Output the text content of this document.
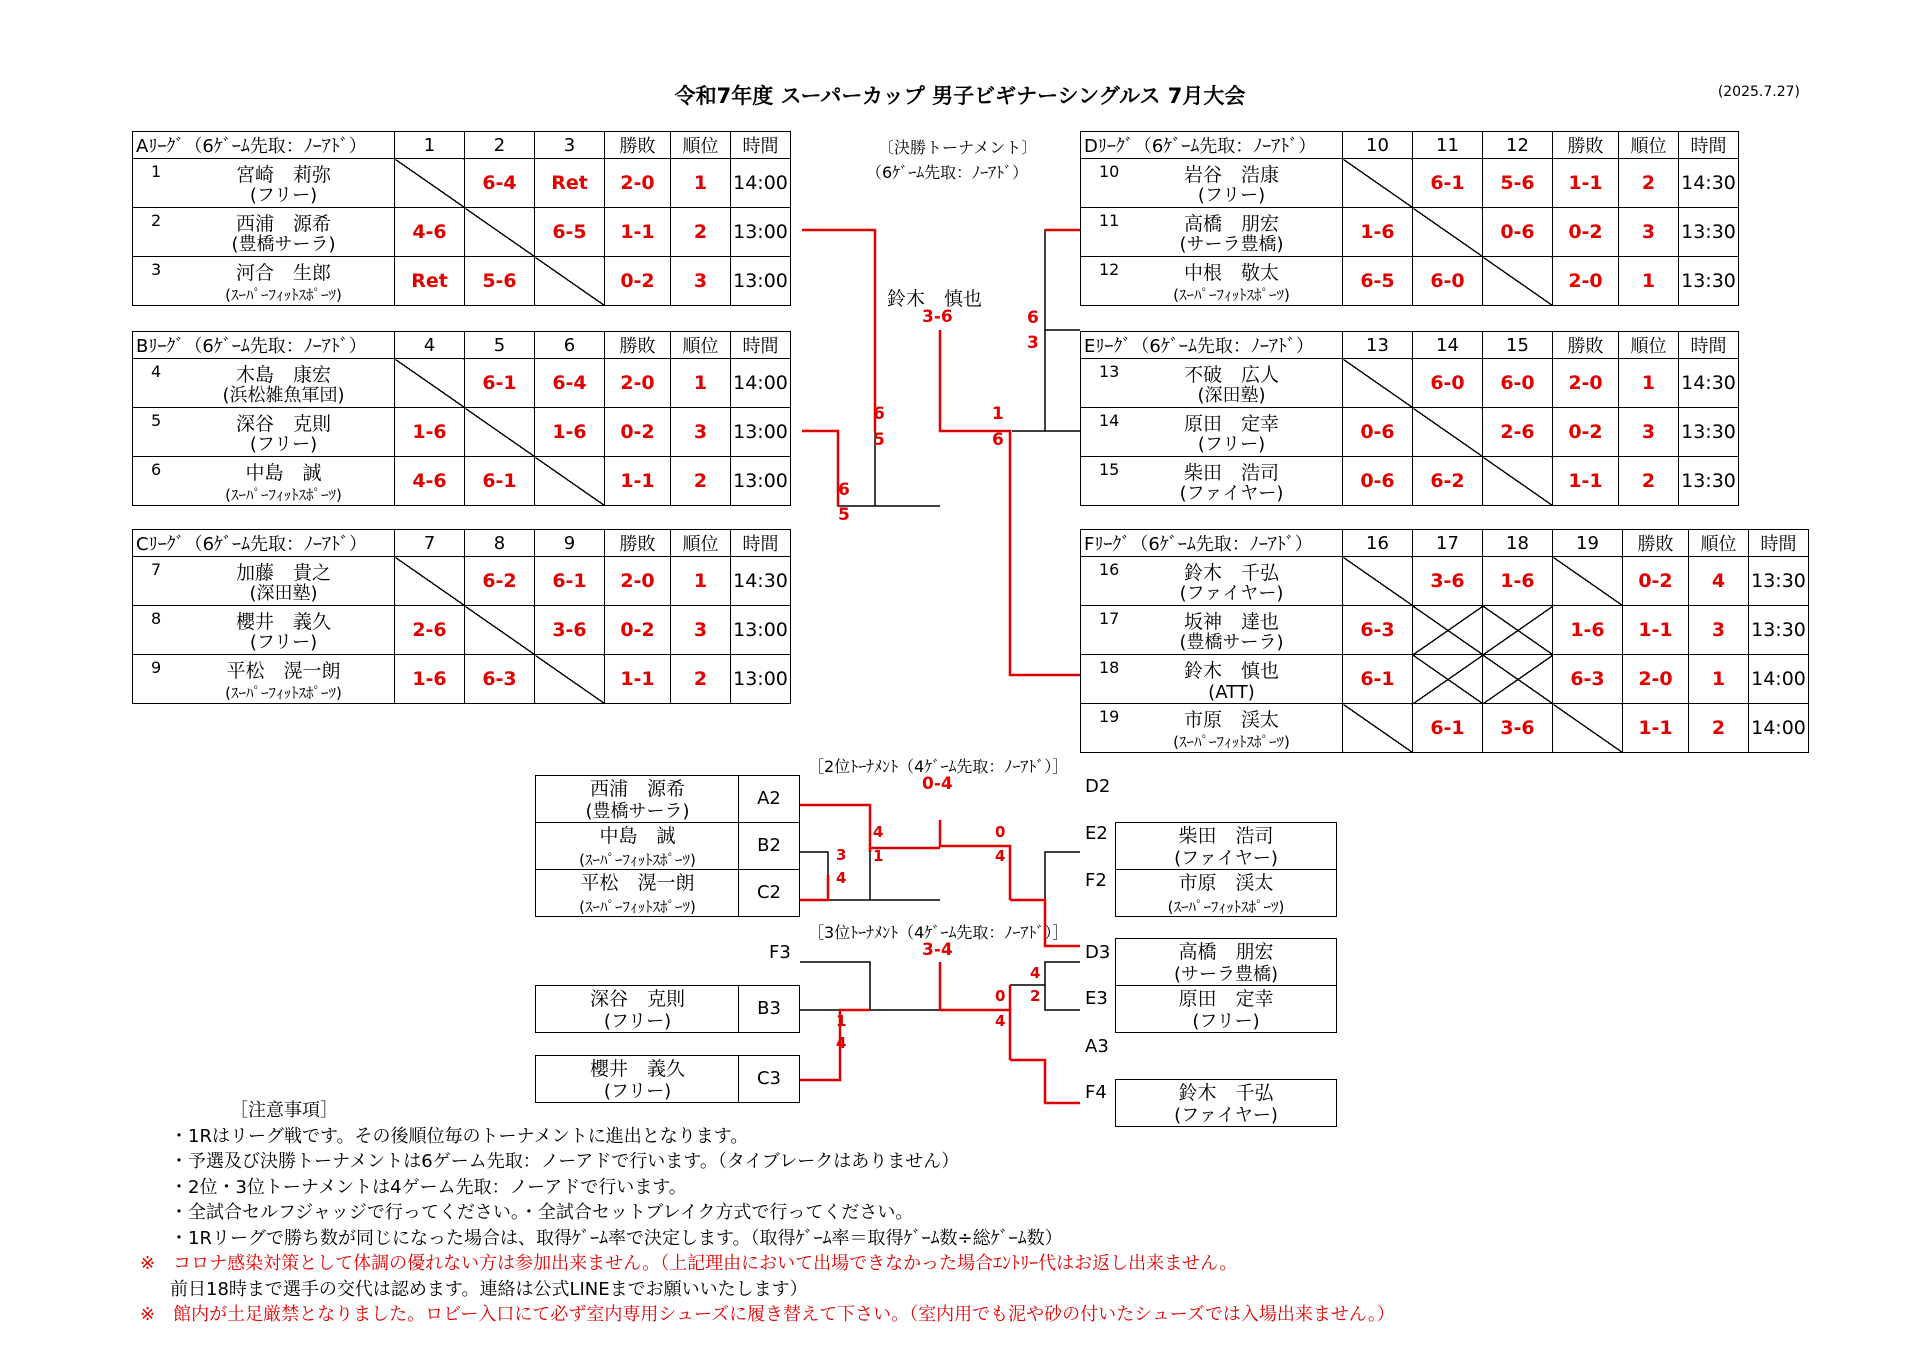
令和7年度 スーパーカップ 男子ビギナーシングルス 7月大会	(2025.7.27)
Aﾘｰｸﾞ（6ｹﾞｰﾑ先取：ﾉｰｱﾄﾞ）	1	2	3	勝敗	順位	時間

1 宮崎　莉弥
(フリー)		6-4	Ret	2-0	1	14:00

2 西浦　源希
(豊橋サーラ)	4-6		6-5	1-1	2	13:00

3 河合　生郎
(ｽｰﾊﾟｰﾌｨｯﾄｽﾎﾟｰﾂ)	Ret	5-6		0-2	3	13:00
Bﾘｰｸﾞ（6ｹﾞｰﾑ先取：ﾉｰｱﾄﾞ）	4	5	6	勝敗	順位	時間

4 木島　康宏
(浜松雑魚軍団)		6-1	6-4	2-0	1	14:00

5 深谷　克則
(フリー)	1-6		1-6	0-2	3	13:00

6 中島　誠
(ｽｰﾊﾟｰﾌｨｯﾄｽﾎﾟｰﾂ)	4-6	6-1		1-1	2	13:00
Cﾘｰｸﾞ（6ｹﾞｰﾑ先取：ﾉｰｱﾄﾞ）	7	8	9	勝敗	順位	時間

7 加藤　貴之
(深田塾)		6-2	6-1	2-0	1	14:30

8 櫻井　義久
(フリー)	2-6		3-6	0-2	3	13:00

9 平松　滉一朗
(ｽｰﾊﾟｰﾌｨｯﾄｽﾎﾟｰﾂ)	1-6	6-3		1-1	2	13:00
Dﾘｰｸﾞ（6ｹﾞｰﾑ先取：ﾉｰｱﾄﾞ）	10	11	12	勝敗	順位	時間

10 岩谷　浩康
(フリー)		6-1	5-6	1-1	2	14:30

11 高橋　朋宏
(サーラ豊橋)	1-6		0-6	0-2	3	13:30

12 中根　敬太
(ｽｰﾊﾟｰﾌｨｯﾄｽﾎﾟｰﾂ)	6-5	6-0		2-0	1	13:30
Eﾘｰｸﾞ（6ｹﾞｰﾑ先取：ﾉｰｱﾄﾞ）	13	14	15	勝敗	順位	時間

13 不破　広人
(深田塾)		6-0	6-0	2-0	1	14:30

14 原田　定幸
(フリー)	0-6		2-6	0-2	3	13:30

15 柴田　浩司
(ファイヤー)	0-6	6-2		1-1	2	13:30
Fﾘｰｸﾞ（6ｹﾞｰﾑ先取：ﾉｰｱﾄﾞ）	16	17	18	19	勝敗	順位	時間

16 鈴木　千弘
(ファイヤー)		3-6	1-6		0-2	4	13:30

17 坂神　達也
(豊橋サーラ)	6-3			1-6	1-1	3	13:30

18 鈴木　慎也
(ATT)	6-1			6-3	2-0	1	14:00

19 市原　渓太
(ｽｰﾊﾟｰﾌｨｯﾄｽﾎﾟｰﾂ)		6-1	3-6		1-1	2	14:00
〔決勝トーナメント〕
（6ｹﾞｰﾑ先取：ﾉｰｱﾄﾞ）
鈴木　慎也
3-6
6
5
6
5
1
6
6
3
［2位ﾄｰﾅﾒﾝﾄ（4ｹﾞｰﾑ先取：ﾉｰｱﾄﾞ）］
0-4
西浦　源希
(豊橋サーラ)
A2
中島　誠
(ｽｰﾊﾟｰﾌｨｯﾄｽﾎﾟｰﾂ)
B2
平松　滉一朗
(ｽｰﾊﾟｰﾌｨｯﾄｽﾎﾟｰﾂ)
C2
3
4
4
1
0
4
D2
E2
F2
柴田　浩司
(ファイヤー)
市原　渓太
(ｽｰﾊﾟｰﾌｨｯﾄｽﾎﾟｰﾂ)
［3位ﾄｰﾅﾒﾝﾄ（4ｹﾞｰﾑ先取：ﾉｰｱﾄﾞ）］
3-4
F3
深谷　克則
(フリー)
B3
櫻井　義久
(フリー)
C3
1
4
0
4
4
2
D3
E3
A3
F4
高橋　朋宏
(サーラ豊橋)
原田　定幸
(フリー)
鈴木　千弘
(ファイヤー)
［注意事項］
・1Rはリーグ戦です。その後順位毎のトーナメントに進出となります。
・予選及び決勝トーナメントは6ゲーム先取：ノーアドで行います。（タイブレークはありません）
・2位・3位トーナメントは4ゲーム先取：ノーアドで行います。
・全試合セルフジャッジで行ってください。・全試合セットブレイク方式で行ってください。
・1Rリーグで勝ち数が同じになった場合は、取得ｹﾞｰﾑ率で決定します。（取得ｹﾞｰﾑ率＝取得ｹﾞｰﾑ数÷総ｹﾞｰﾑ数）
※　コロナ感染対策として体調の優れない方は参加出来ません。（上記理由において出場できなかった場合ｴﾝﾄﾘｰ代はお返し出来ません。
前日18時まで選手の交代は認めます。連絡は公式LINEまでお願いいたします）
※　館内が土足厳禁となりました。ロビー入口にて必ず室内専用シューズに履き替えて下さい。（室内用でも泥や砂の付いたシューズでは入場出来ません。）
